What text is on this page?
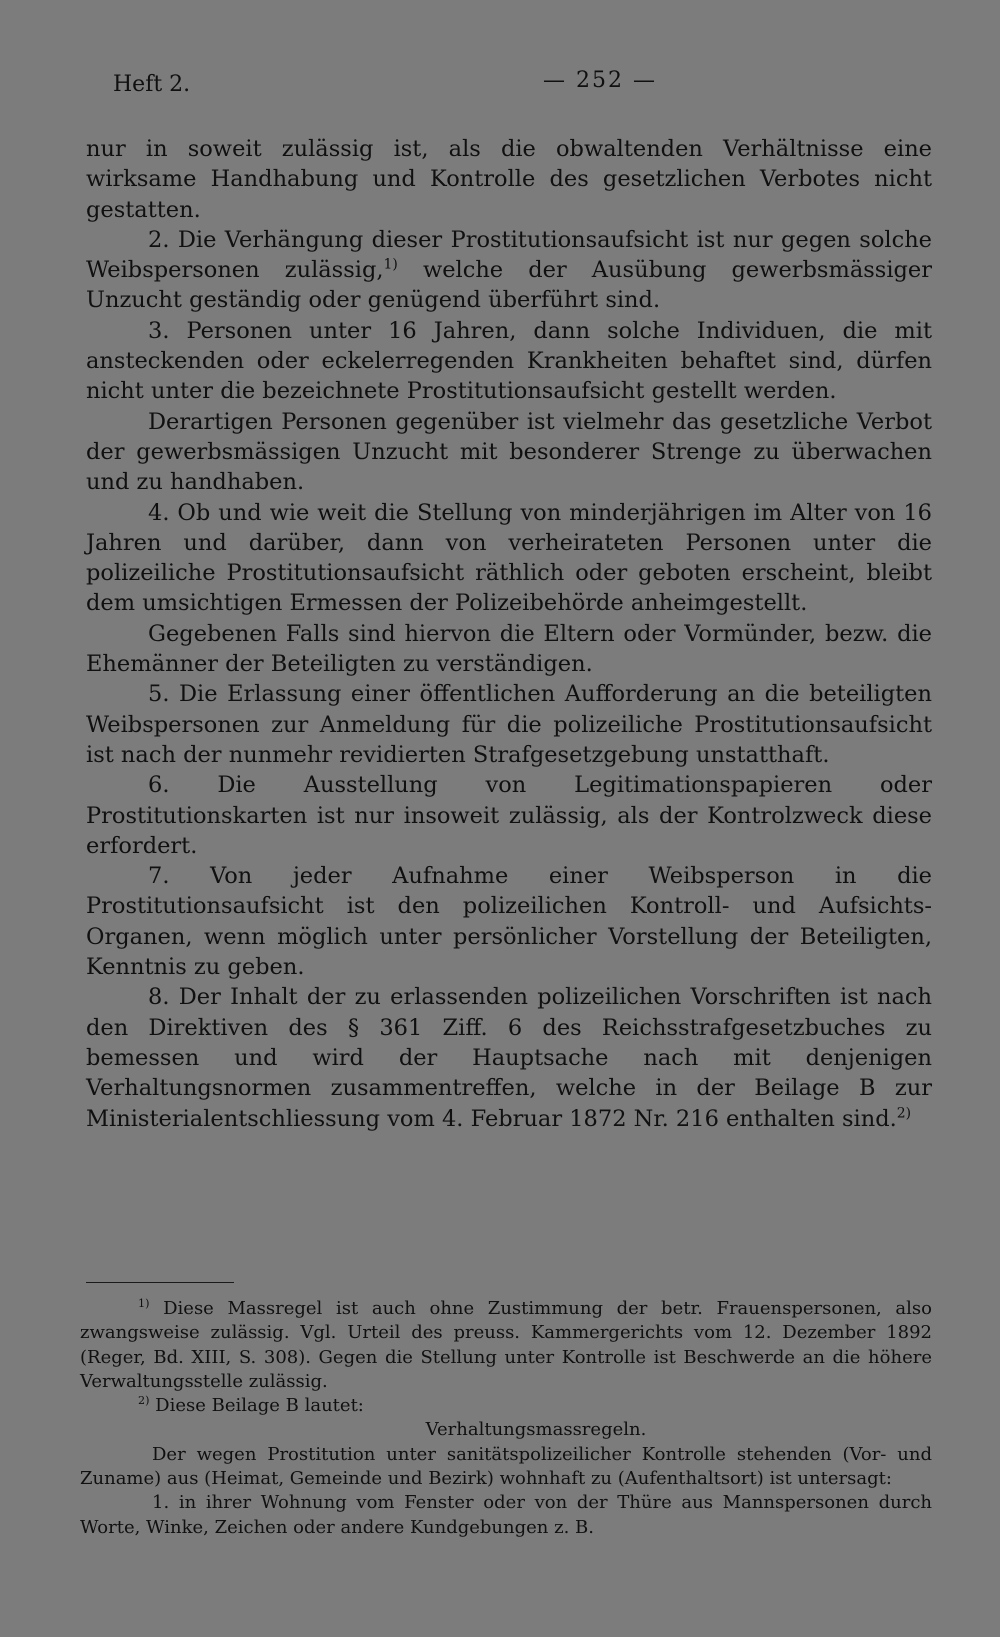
Heft 2.	— 252 —

nur in soweit zulässig ist, als die obwaltenden Verhältnisse eine wirksame Handhabung und Kontrolle des gesetzlichen Verbotes nicht gestatten.

2. Die Verhängung dieser Prostitutionsaufsicht ist nur gegen solche Weibspersonen zulässig,$^{1)}$ welche der Ausübung gewerbsmässiger Unzucht geständig oder genügend überführt sind.

3. Personen unter 16 Jahren, dann solche Individuen, die mit ansteckenden oder eckelerregenden Krankheiten behaftet sind, dürfen nicht unter die bezeichnete Prostitutionsaufsicht gestellt werden.

Derartigen Personen gegenüber ist vielmehr das gesetzliche Verbot der gewerbsmässigen Unzucht mit besonderer Strenge zu überwachen und zu handhaben.

4. Ob und wie weit die Stellung von minderjährigen im Alter von 16 Jahren und darüber, dann von verheirateten Personen unter die polizeiliche Prostitutionsaufsicht räthlich oder geboten erscheint, bleibt dem umsichtigen Ermessen der Polizeibehörde anheimgestellt.

Gegebenen Falls sind hiervon die Eltern oder Vormünder, bezw. die Ehemänner der Beteiligten zu verständigen.

5. Die Erlassung einer öffentlichen Aufforderung an die beteiligten Weibspersonen zur Anmeldung für die polizeiliche Prostitutionsaufsicht ist nach der nunmehr revidierten Strafgesetzgebung unstatthaft.

6. Die Ausstellung von Legitimationspapieren oder Prostitutionskarten ist nur insoweit zulässig, als der Kontrolzweck diese erfordert.

7. Von jeder Aufnahme einer Weibsperson in die Prostitutionsaufsicht ist den polizeilichen Kontroll- und Aufsichts-Organen, wenn möglich unter persönlicher Vorstellung der Beteiligten, Kenntnis zu geben.

8. Der Inhalt der zu erlassenden polizeilichen Vorschriften ist nach den Direktiven des § 361 Ziff. 6 des Reichsstrafgesetzbuches zu bemessen und wird der Hauptsache nach mit denjenigen Verhaltungsnormen zusammentreffen, welche in der Beilage B zur Ministerialentschliessung vom 4. Februar 1872 Nr. 216 enthalten sind.$^{2)}$

$^{1)}$ Diese Massregel ist auch ohne Zustimmung der betr. Frauenspersonen, also zwangsweise zulässig. Vgl. Urteil des preuss. Kammergerichts vom 12. Dezember 1892 (Reger, Bd. XIII, S. 308). Gegen die Stellung unter Kontrolle ist Beschwerde an die höhere Verwaltungsstelle zulässig.

$^{2)}$ Diese Beilage B lautet:

Verhaltungsmassregeln.

Der wegen Prostitution unter sanitätspolizeilicher Kontrolle stehenden (Vor- und Zuname) aus (Heimat, Gemeinde und Bezirk) wohnhaft zu (Aufenthaltsort) ist untersagt:

1. in ihrer Wohnung vom Fenster oder von der Thüre aus Mannspersonen durch Worte, Winke, Zeichen oder andere Kundgebungen z. B.
